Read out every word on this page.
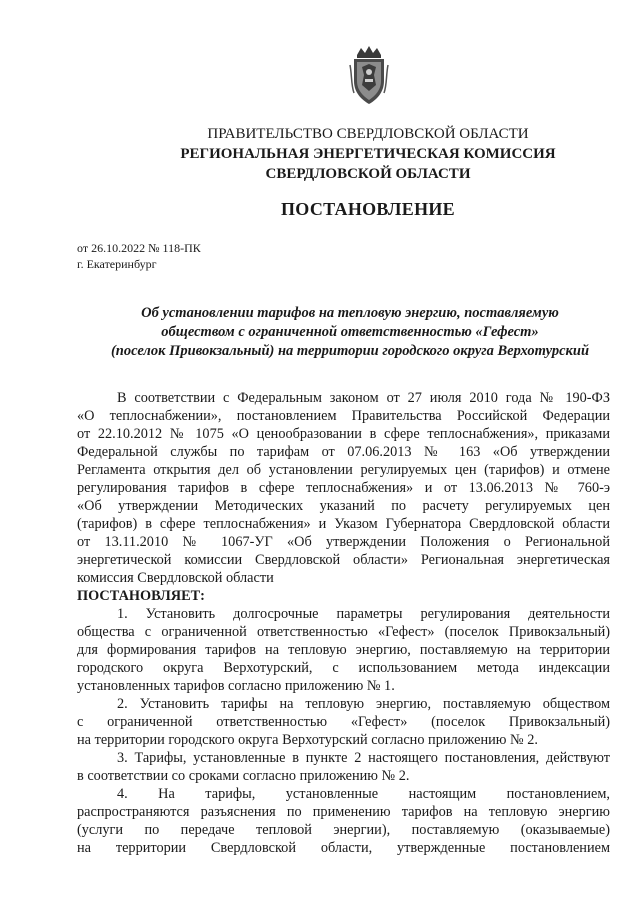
ПРАВИТЕЛЬСТВО СВЕРДЛОВСКОЙ ОБЛАСТИ
РЕГИОНАЛЬНАЯ ЭНЕРГЕТИЧЕСКАЯ КОМИССИЯ
СВЕРДЛОВСКОЙ ОБЛАСТИ
ПОСТАНОВЛЕНИЕ
от 26.10.2022 № 118-ПК
г. Екатеринбург
Об установлении тарифов на тепловую энергию, поставляемую
обществом с ограниченной ответственностью «Гефест»
(поселок Привокзальный) на территории городского округа Верхотурский
В соответствии с Федеральным законом от 27 июля 2010 года № 190-ФЗ
«О теплоснабжении», постановлением Правительства Российской Федерации
от 22.10.2012 № 1075 «О ценообразовании в сфере теплоснабжения», приказами
Федеральной службы по тарифам от 07.06.2013 № 163 «Об утверждении
Регламента открытия дел об установлении регулируемых цен (тарифов) и отмене
регулирования тарифов в сфере теплоснабжения» и от 13.06.2013 № 760-э
«Об утверждении Методических указаний по расчету регулируемых цен
(тарифов) в сфере теплоснабжения» и Указом Губернатора Свердловской области
от 13.11.2010 № 1067-УГ «Об утверждении Положения о Региональной
энергетической комиссии Свердловской области» Региональная энергетическая
комиссия Свердловской области
ПОСТАНОВЛЯЕТ:
1. Установить долгосрочные параметры регулирования деятельности
общества с ограниченной ответственностью «Гефест» (поселок Привокзальный)
для формирования тарифов на тепловую энергию, поставляемую на территории
городского округа Верхотурский, с использованием метода индексации
установленных тарифов согласно приложению № 1.
2. Установить тарифы на тепловую энергию, поставляемую обществом
с ограниченной ответственностью «Гефест» (поселок Привокзальный)
на территории городского округа Верхотурский согласно приложению № 2.
3. Тарифы, установленные в пункте 2 настоящего постановления, действуют
в соответствии со сроками согласно приложению № 2.
4. На тарифы, установленные настоящим постановлением,
распространяются разъяснения по применению тарифов на тепловую энергию
(услуги по передаче тепловой энергии), поставляемую (оказываемые)
на территории Свердловской области, утвержденные постановлением
